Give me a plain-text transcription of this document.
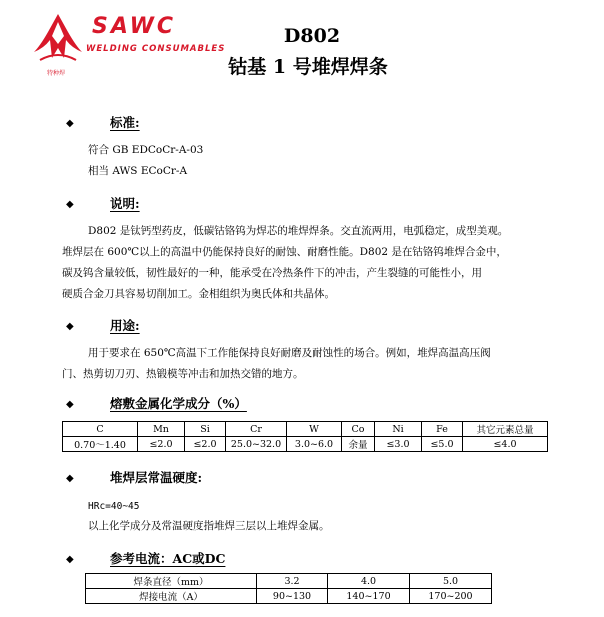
特种焊
SAWC
WELDING CONSUMABLES
D802
钴基 1 号堆焊焊条
◆	标准:
符合 GB EDCoCr-A-03
相当 AWS ECoCr-A
◆	说明:
D802 是钛钙型药皮，低碳钴铬钨为焊芯的堆焊焊条。交直流两用，电弧稳定，成型美观。
堆焊层在 600℃以上的高温中仍能保持良好的耐蚀、耐磨性能。D802 是在钴铬钨堆焊合金中，
碳及钨含量较低，韧性最好的一种，能承受在冷热条件下的冲击，产生裂缝的可能性小，用
硬质合金刀具容易切削加工。金相组织为奥氏体和共晶体。
◆	用途:
用于要求在 650℃高温下工作能保持良好耐磨及耐蚀性的场合。例如，堆焊高温高压阀
门、热剪切刀刃、热锻模等冲击和加热交错的地方。
◆	熔敷金属化学成分（%）
C	Mn	Si	Cr	W	Co	Ni	Fe	其它元素总量
0.70～1.40	≤2.0	≤2.0	25.0~32.0	3.0~6.0	余量	≤3.0	≤5.0	≤4.0
◆	堆焊层常温硬度:
HRc=40~45
以上化学成分及常温硬度指堆焊三层以上堆焊金属。
◆	参考电流：AC或DC
焊条直径（mm）	3.2	4.0	5.0
焊接电流（A）	90~130	140~170	170~200
